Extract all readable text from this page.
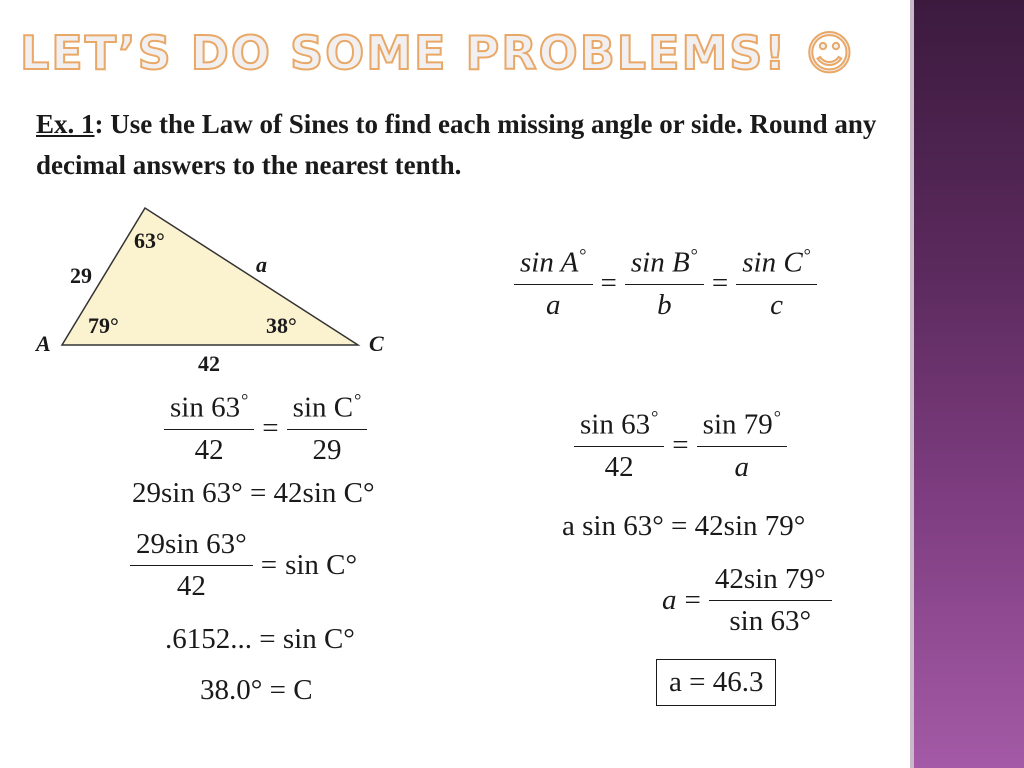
LET’S DO SOME PROBLEMS! ☺
Ex. 1: Use the Law of Sines to find each missing angle or side. Round any decimal answers to the nearest tenth.
63°
29	a
79°	38°
A	C
42
$\frac{\sin A^\circ}{a} = \frac{\sin B^\circ}{b} = \frac{\sin C^\circ}{c}$
$\frac{\sin 63^\circ}{42} = \frac{\sin C^\circ}{29}$
29sin 63° = 42sin C°
$\frac{29\sin 63^\circ}{42} = \sin C^\circ$
.6152... = sin C°
38.0° = C
$\frac{\sin 63^\circ}{42} = \frac{\sin 79^\circ}{a}$
a sin 63° = 42sin 79°
$a = \frac{42\sin 79^\circ}{\sin 63^\circ}$
a = 46.3
